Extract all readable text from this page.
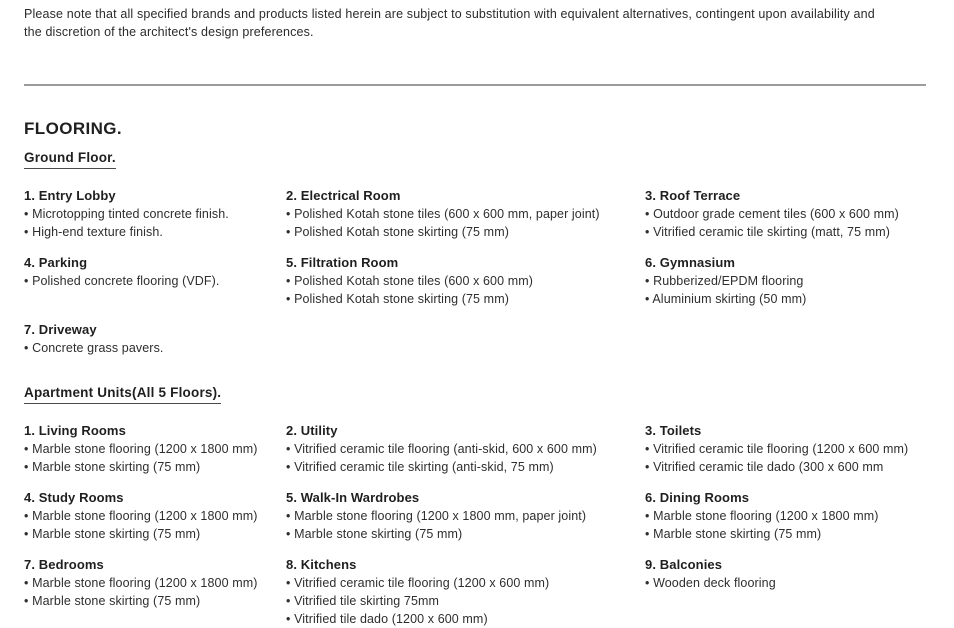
Please note that all specified brands and products listed herein are subject to substitution with equivalent alternatives, contingent upon availability and the discretion of the architect's design preferences.

FLOORING.
Ground Floor.
1. Entry Lobby
• Microtopping tinted concrete finish.
• High-end texture finish.
2. Electrical Room
• Polished Kotah stone tiles (600 x 600 mm, paper joint)
• Polished Kotah stone skirting (75 mm)
3. Roof Terrace
• Outdoor grade cement tiles (600 x 600 mm)
• Vitrified ceramic tile skirting (matt, 75 mm)
4. Parking
• Polished concrete flooring (VDF).
5. Filtration Room
• Polished Kotah stone tiles (600 x 600 mm)
• Polished Kotah stone skirting (75 mm)
6. Gymnasium
• Rubberized/EPDM flooring
• Aluminium skirting (50 mm)
7. Driveway
• Concrete grass pavers.
Apartment Units(All 5 Floors).
1. Living Rooms
• Marble stone flooring (1200 x 1800 mm)
• Marble stone skirting (75 mm)
2. Utility
• Vitrified ceramic tile flooring (anti-skid, 600 x 600 mm)
• Vitrified ceramic tile skirting (anti-skid, 75 mm)
3. Toilets
• Vitrified ceramic tile flooring (1200 x 600 mm)
• Vitrified ceramic tile dado (300 x 600 mm
4. Study Rooms
• Marble stone flooring (1200 x 1800 mm)
• Marble stone skirting (75 mm)
5. Walk-In Wardrobes
• Marble stone flooring (1200 x 1800 mm, paper joint)
• Marble stone skirting (75 mm)
6. Dining Rooms
• Marble stone flooring (1200 x 1800 mm)
• Marble stone skirting (75 mm)
7. Bedrooms
• Marble stone flooring (1200 x 1800 mm)
• Marble stone skirting (75 mm)
8. Kitchens
• Vitrified ceramic tile flooring (1200 x 600 mm)
• Vitrified tile skirting 75mm
• Vitrified tile dado (1200 x 600 mm)
9. Balconies
• Wooden deck flooring
